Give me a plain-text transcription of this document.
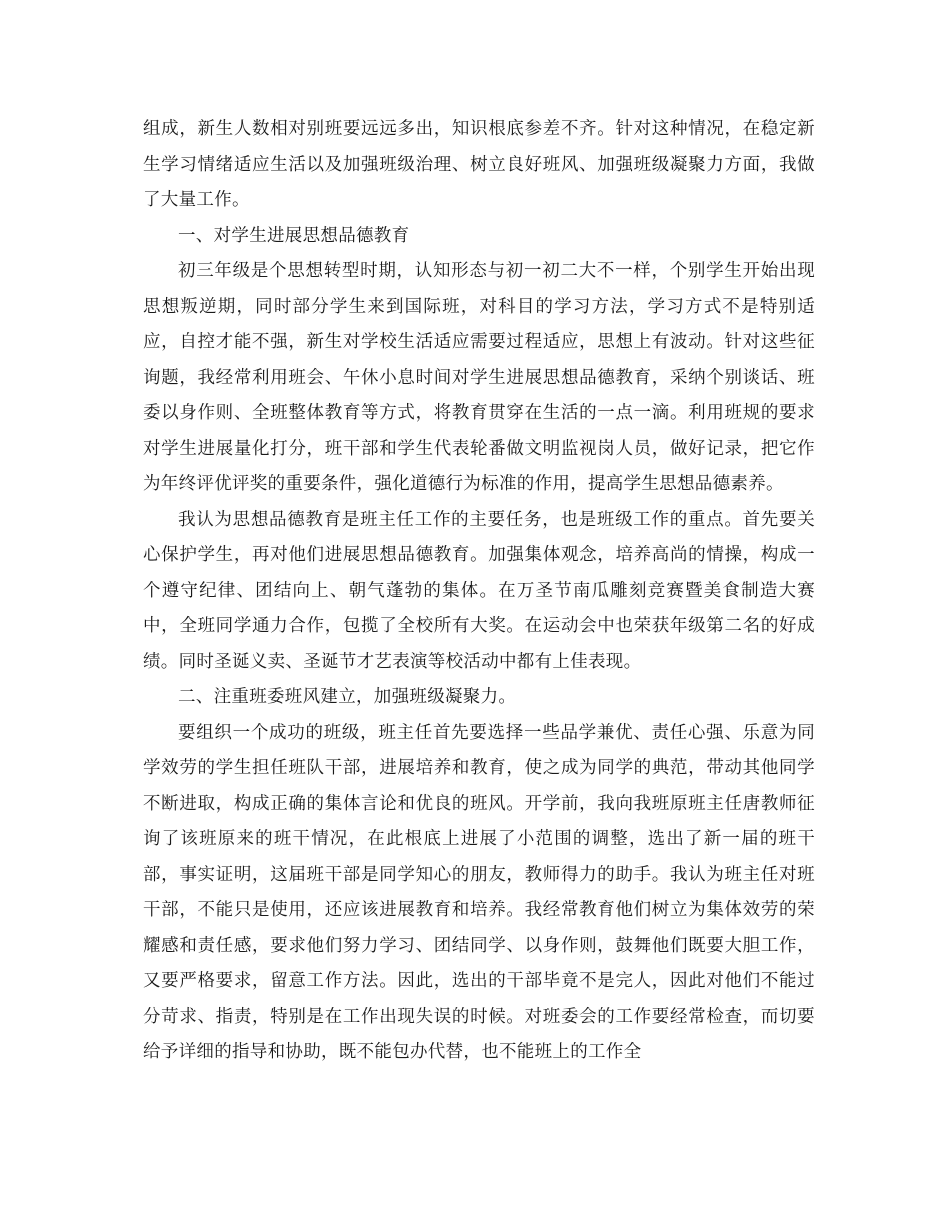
组成，新生人数相对别班要远远多出，知识根底参差不齐。针对这种情况，在稳定新生学习情绪适应生活以及加强班级治理、树立良好班风、加强班级凝聚力方面，我做了大量工作。

一、对学生进展思想品德教育

初三年级是个思想转型时期，认知形态与初一初二大不一样，个别学生开始出现思想叛逆期，同时部分学生来到国际班，对科目的学习方法，学习方式不是特别适应，自控才能不强，新生对学校生活适应需要过程适应，思想上有波动。针对这些征询题，我经常利用班会、午休小息时间对学生进展思想品德教育，采纳个别谈话、班委以身作则、全班整体教育等方式，将教育贯穿在生活的一点一滴。利用班规的要求对学生进展量化打分，班干部和学生代表轮番做文明监视岗人员，做好记录，把它作为年终评优评奖的重要条件，强化道德行为标准的作用，提高学生思想品德素养。

我认为思想品德教育是班主任工作的主要任务，也是班级工作的重点。首先要关心保护学生，再对他们进展思想品德教育。加强集体观念，培养高尚的情操，构成一个遵守纪律、团结向上、朝气蓬勃的集体。在万圣节南瓜雕刻竞赛暨美食制造大赛中，全班同学通力合作，包揽了全校所有大奖。在运动会中也荣获年级第二名的好成绩。同时圣诞义卖、圣诞节才艺表演等校活动中都有上佳表现。

二、注重班委班风建立，加强班级凝聚力。

要组织一个成功的班级，班主任首先要选择一些品学兼优、责任心强、乐意为同学效劳的学生担任班队干部，进展培养和教育，使之成为同学的典范，带动其他同学不断进取，构成正确的集体言论和优良的班风。开学前，我向我班原班主任唐教师征询了该班原来的班干情况，在此根底上进展了小范围的调整，选出了新一届的班干部，事实证明，这届班干部是同学知心的朋友，教师得力的助手。我认为班主任对班干部，不能只是使用，还应该进展教育和培养。我经常教育他们树立为集体效劳的荣耀感和责任感，要求他们努力学习、团结同学、以身作则，鼓舞他们既要大胆工作，又要严格要求，留意工作方法。因此，选出的干部毕竟不是完人，因此对他们不能过分苛求、指责，特别是在工作出现失误的时候。对班委会的工作要经常检查，而切要给予详细的指导和协助，既不能包办代替，也不能班上的工作全
